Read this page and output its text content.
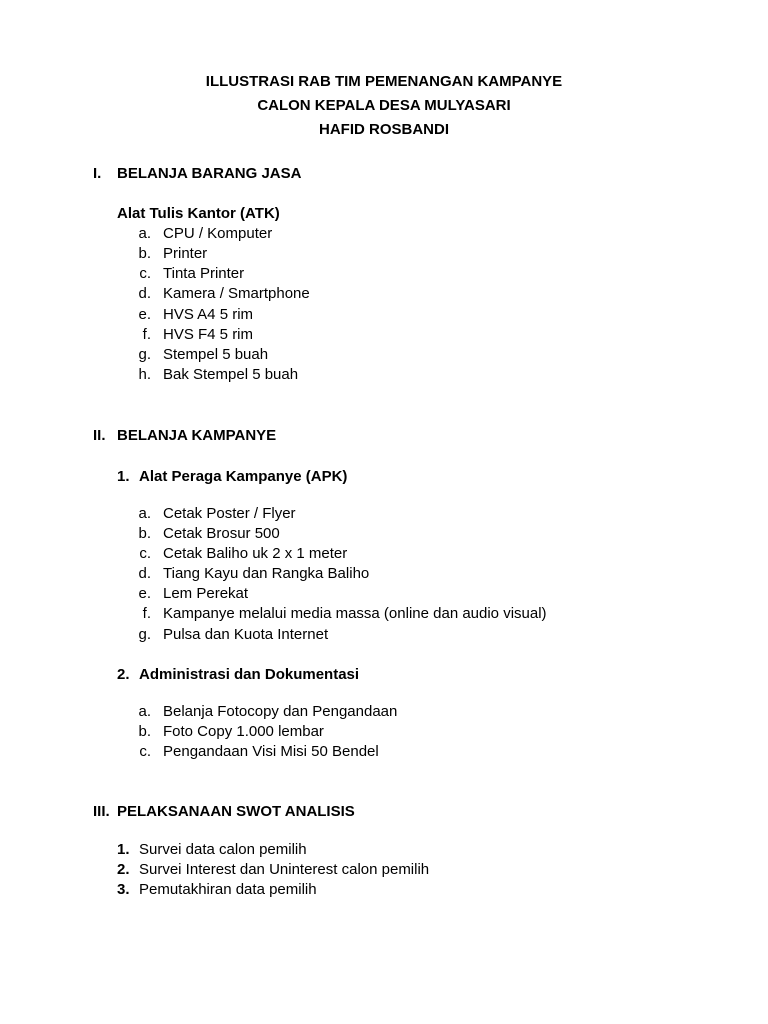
ILLUSTRASI RAB TIM PEMENANGAN KAMPANYE
CALON KEPALA DESA MULYASARI
HAFID ROSBANDI
I. BELANJA BARANG JASA
Alat Tulis Kantor (ATK)
a. CPU / Komputer
b. Printer
c. Tinta Printer
d. Kamera / Smartphone
e. HVS A4 5 rim
f. HVS F4 5 rim
g. Stempel 5 buah
h. Bak Stempel 5 buah
II. BELANJA KAMPANYE
1. Alat Peraga Kampanye (APK)
a. Cetak Poster / Flyer
b. Cetak Brosur 500
c. Cetak Baliho uk 2 x 1 meter
d. Tiang Kayu dan Rangka Baliho
e. Lem Perekat
f. Kampanye melalui media massa (online dan audio visual)
g. Pulsa dan Kuota Internet
2. Administrasi dan Dokumentasi
a. Belanja Fotocopy dan Pengandaan
b. Foto Copy 1.000 lembar
c. Pengandaan Visi Misi 50 Bendel
III. PELAKSANAAN SWOT ANALISIS
1. Survei data calon pemilih
2. Survei Interest dan Uninterest calon pemilih
3. Pemutakhiran data pemilih
